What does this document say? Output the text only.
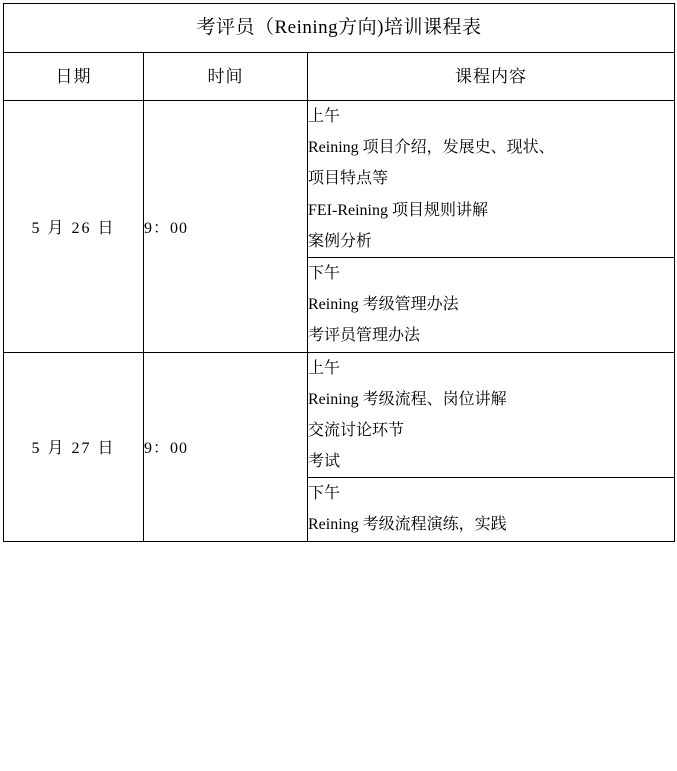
考评员（Reining方向)培训课程表		
日期	时间	课程内容
5 月 26 日	9：00	上午
Reining 项目介绍，发展史、现状、
项目特点等
FEI-Reining 项目规则讲解
案例分析

		下午
Reining 考级管理办法
考评员管理办法

5 月 27 日	9：00	上午
Reining 考级流程、岗位讲解
交流讨论环节
考试

		下午
Reining 考级流程演练，实践
